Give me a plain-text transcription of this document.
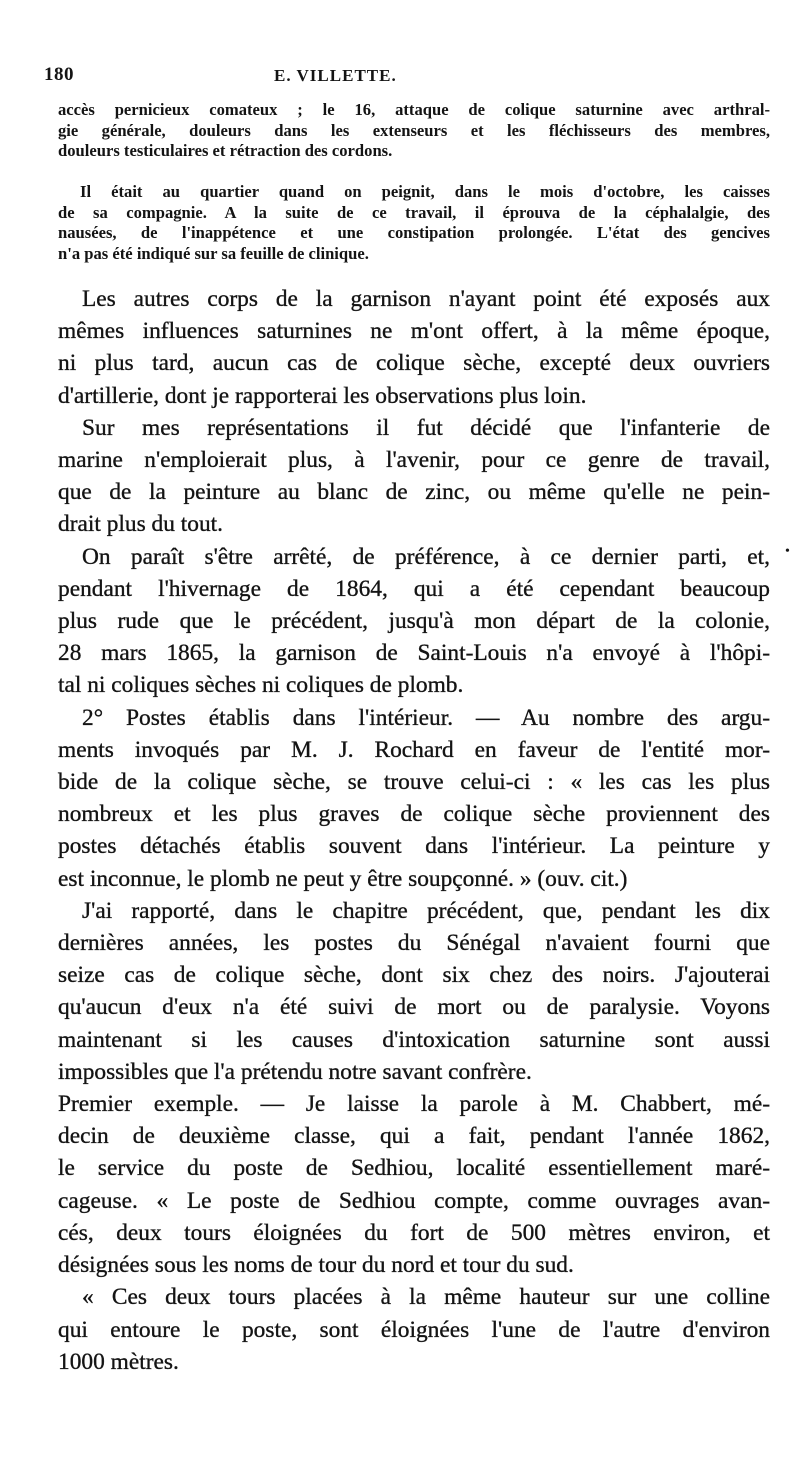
180	E. VILLETTE.
accès pernicieux comateux ; le 16, attaque de colique saturnine avec arthral-
gie générale, douleurs dans les extenseurs et les fléchisseurs des membres,
douleurs testiculaires et rétraction des cordons.
Il était au quartier quand on peignit, dans le mois d'octobre, les caisses
de sa compagnie. A la suite de ce travail, il éprouva de la céphalalgie, des
nausées, de l'inappétence et une constipation prolongée. L'état des gencives
n'a pas été indiqué sur sa feuille de clinique.
Les autres corps de la garnison n'ayant point été exposés aux
mêmes influences saturnines ne m'ont offert, à la même époque,
ni plus tard, aucun cas de colique sèche, excepté deux ouvriers
d'artillerie, dont je rapporterai les observations plus loin.
Sur mes représentations il fut décidé que l'infanterie de
marine n'emploierait plus, à l'avenir, pour ce genre de travail,
que de la peinture au blanc de zinc, ou même qu'elle ne pein-
drait plus du tout.
On paraît s'être arrêté, de préférence, à ce dernier parti, et,
pendant l'hivernage de 1864, qui a été cependant beaucoup
plus rude que le précédent, jusqu'à mon départ de la colonie,
28 mars 1865, la garnison de Saint-Louis n'a envoyé à l'hôpi-
tal ni coliques sèches ni coliques de plomb.
2° Postes établis dans l'intérieur. — Au nombre des argu-
ments invoqués par M. J. Rochard en faveur de l'entité mor-
bide de la colique sèche, se trouve celui-ci : « les cas les plus
nombreux et les plus graves de colique sèche proviennent des
postes détachés établis souvent dans l'intérieur. La peinture y
est inconnue, le plomb ne peut y être soupçonné. » (ouv. cit.)
J'ai rapporté, dans le chapitre précédent, que, pendant les dix
dernières années, les postes du Sénégal n'avaient fourni que
seize cas de colique sèche, dont six chez des noirs. J'ajouterai
qu'aucun d'eux n'a été suivi de mort ou de paralysie. Voyons
maintenant si les causes d'intoxication saturnine sont aussi
impossibles que l'a prétendu notre savant confrère.
Premier exemple. — Je laisse la parole à M. Chabbert, mé-
decin de deuxième classe, qui a fait, pendant l'année 1862,
le service du poste de Sedhiou, localité essentiellement maré-
cageuse. « Le poste de Sedhiou compte, comme ouvrages avan-
cés, deux tours éloignées du fort de 500 mètres environ, et
désignées sous les noms de tour du nord et tour du sud.
« Ces deux tours placées à la même hauteur sur une colline
qui entoure le poste, sont éloignées l'une de l'autre d'environ
1000 mètres.
•
